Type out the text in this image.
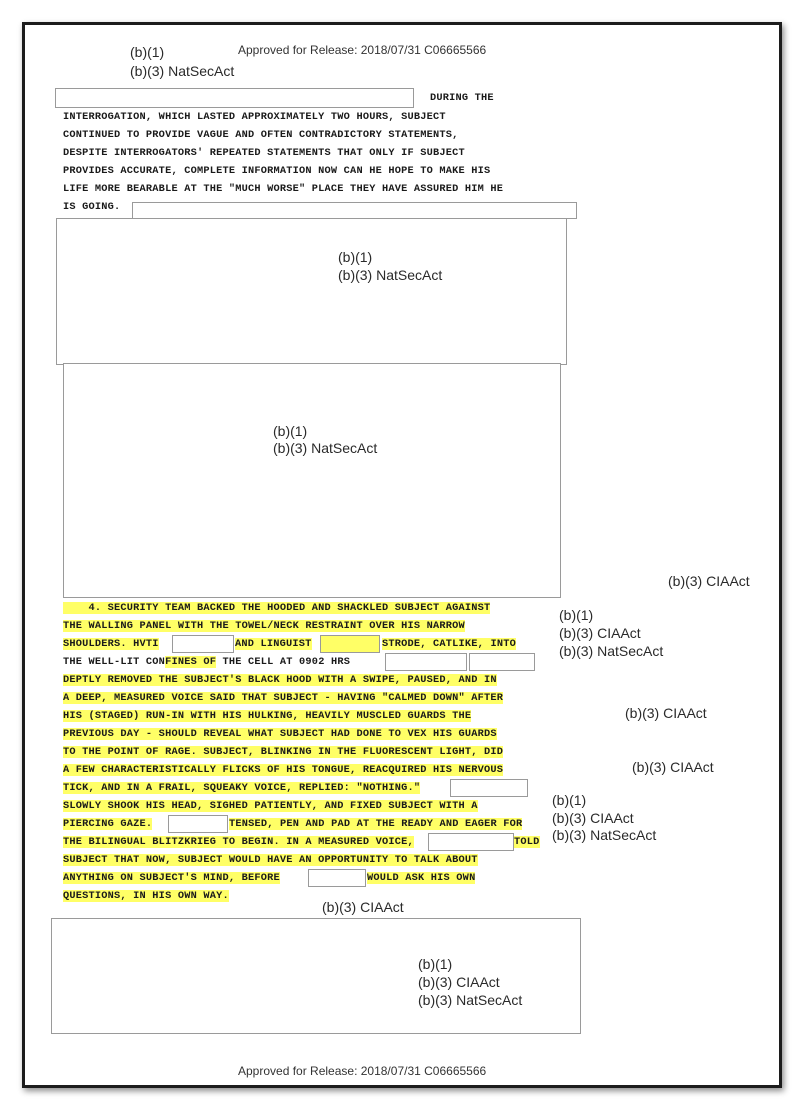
Approved for Release: 2018/07/31 C06665566
(b)(1)
(b)(3) NatSecAct
DURING THE
INTERROGATION, WHICH LASTED APPROXIMATELY TWO HOURS, SUBJECT
CONTINUED TO PROVIDE VAGUE AND OFTEN CONTRADICTORY STATEMENTS,
DESPITE INTERROGATORS' REPEATED STATEMENTS THAT ONLY IF SUBJECT
PROVIDES ACCURATE, COMPLETE INFORMATION NOW CAN HE HOPE TO MAKE HIS
LIFE MORE BEARABLE AT THE "MUCH WORSE" PLACE THEY HAVE ASSURED HIM HE
IS GOING.
(b)(1)
(b)(3) NatSecAct
(b)(1)
(b)(3) NatSecAct
(b)(3) CIAAct
(b)(1)
(b)(3) CIAAct
(b)(3) NatSecAct
(b)(3) CIAAct
(b)(3) CIAAct
(b)(1)
(b)(3) CIAAct
(b)(3) NatSecAct
(b)(3) CIAAct
4. SECURITY TEAM BACKED THE HOODED AND SHACKLED SUBJECT AGAINST
THE WALLING PANEL WITH THE TOWEL/NECK RESTRAINT OVER HIS NARROW
SHOULDERS. HVTI	AND LINGUIST	STRODE, CATLIKE, INTO
THE WELL-LIT CONFINES OF THE CELL AT 0902 HRS
DEPTLY REMOVED THE SUBJECT'S BLACK HOOD WITH A SWIPE, PAUSED, AND IN
A DEEP, MEASURED VOICE SAID THAT SUBJECT - HAVING "CALMED DOWN" AFTER
HIS (STAGED) RUN-IN WITH HIS HULKING, HEAVILY MUSCLED GUARDS THE
PREVIOUS DAY - SHOULD REVEAL WHAT SUBJECT HAD DONE TO VEX HIS GUARDS
TO THE POINT OF RAGE. SUBJECT, BLINKING IN THE FLUORESCENT LIGHT, DID
A FEW CHARACTERISTICALLY FLICKS OF HIS TONGUE, REACQUIRED HIS NERVOUS
TICK, AND IN A FRAIL, SQUEAKY VOICE, REPLIED: "NOTHING."
SLOWLY SHOOK HIS HEAD, SIGHED PATIENTLY, AND FIXED SUBJECT WITH A
PIERCING GAZE.	TENSED, PEN AND PAD AT THE READY AND EAGER FOR
THE BILINGUAL BLITZKRIEG TO BEGIN. IN A MEASURED VOICE,	TOLD
SUBJECT THAT NOW, SUBJECT WOULD HAVE AN OPPORTUNITY TO TALK ABOUT
ANYTHING ON SUBJECT'S MIND, BEFORE	WOULD ASK HIS OWN
QUESTIONS, IN HIS OWN WAY.
(b)(1)
(b)(3) CIAAct
(b)(3) NatSecAct
Approved for Release: 2018/07/31 C06665566
